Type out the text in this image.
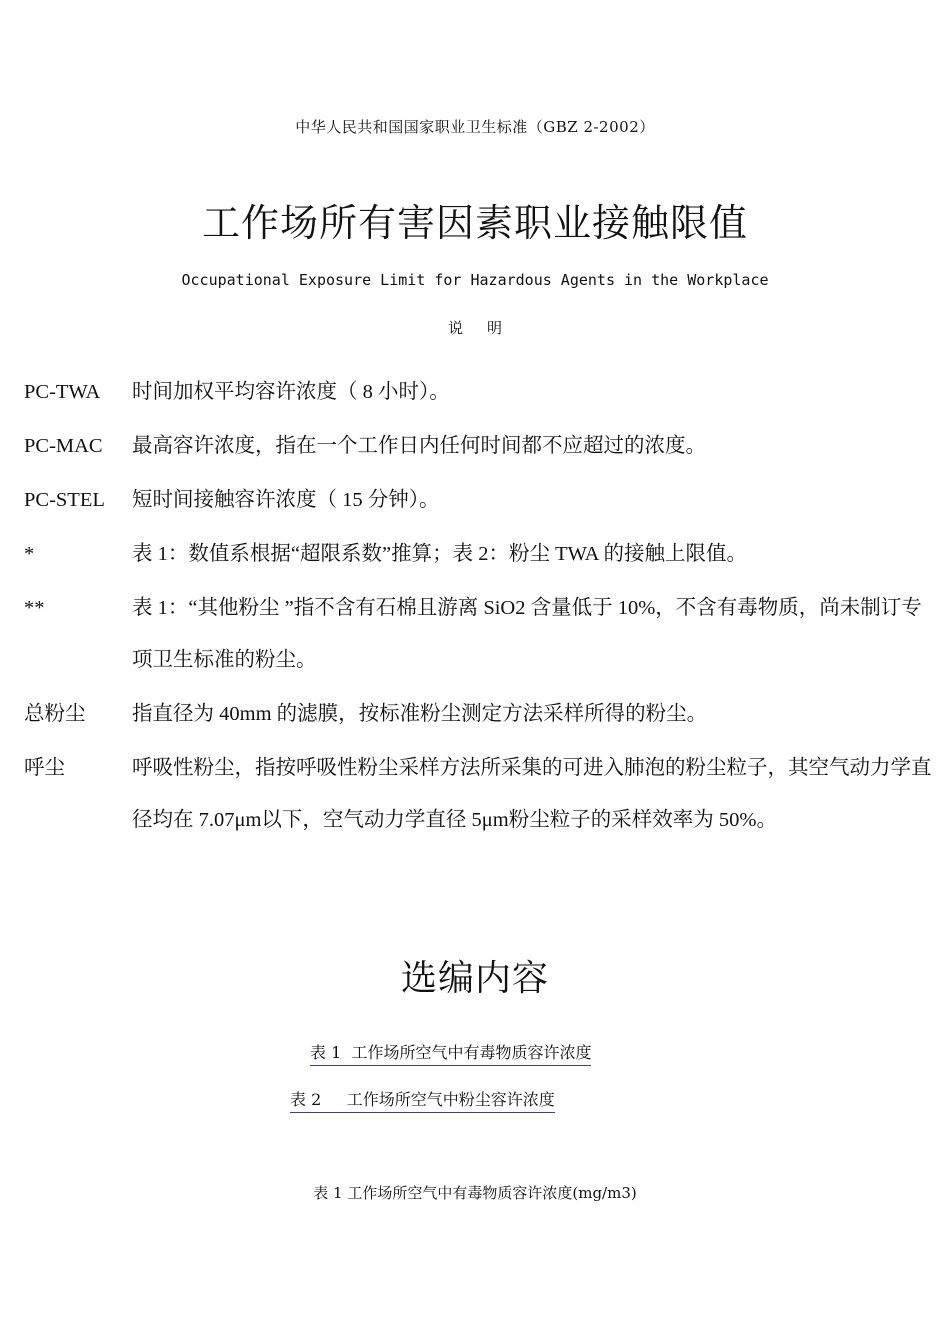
中华人民共和国国家职业卫生标准（GBZ 2-2002）
工作场所有害因素职业接触限值
Occupational Exposure Limit for Hazardous Agents in the Workplace
说明
PC-TWA	时间加权平均容许浓度（ 8 小时）。
PC-MAC	最高容许浓度，指在一个工作日内任何时间都不应超过的浓度。
PC-STEL	短时间接触容许浓度（ 15 分钟）。
*	表 1：数值系根据“超限系数”推算；表 2：粉尘 TWA 的接触上限值。
**	表 1：“其他粉尘 ”指不含有石棉且游离 SiO2 含量低于 10%，不含有毒物质，尚未制订专项卫生标准的粉尘。
总粉尘	指直径为 40mm 的滤膜，按标准粉尘测定方法采样所得的粉尘。
呼尘	呼吸性粉尘，指按呼吸性粉尘采样方法所采集的可进入肺泡的粉尘粒子，其空气动力学直径均在 7.07μm以下，空气动力学直径 5μm粉尘粒子的采样效率为 50%。
选编内容
表 1  工作场所空气中有毒物质容许浓度
表 2     工作场所空气中粉尘容许浓度
表 1 工作场所空气中有毒物质容许浓度(mg/m3)
